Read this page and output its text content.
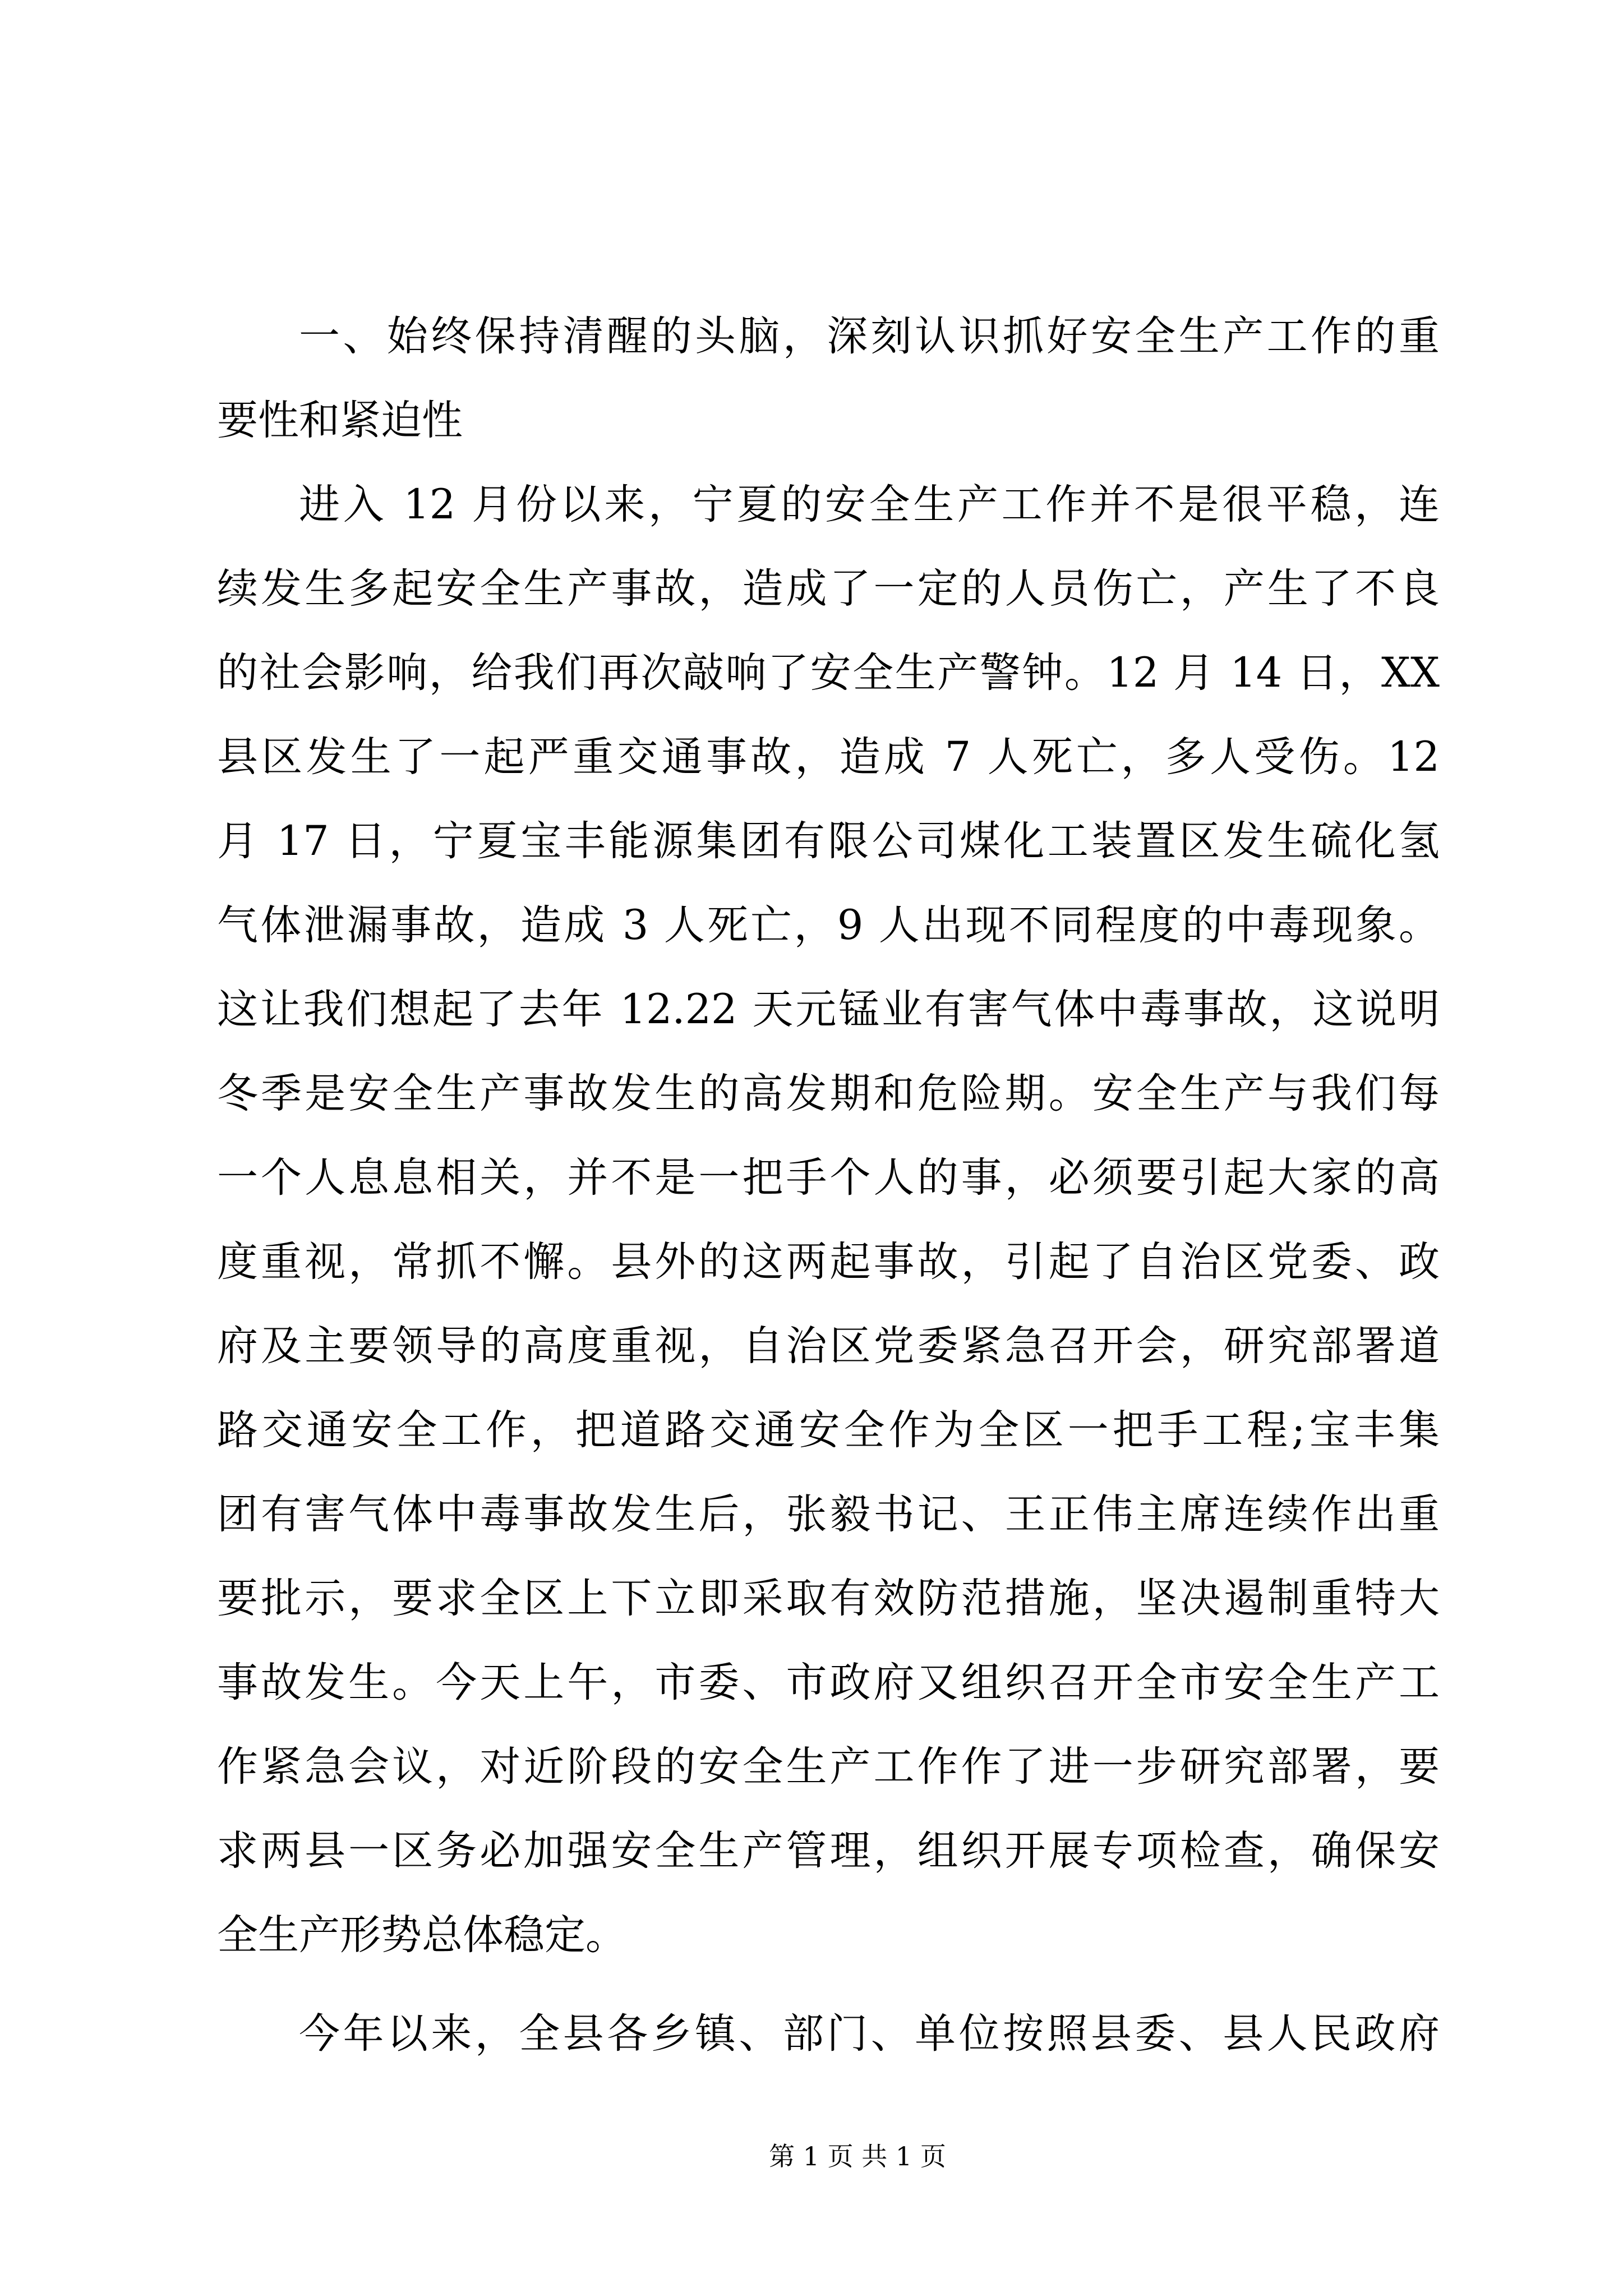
一、始终保持清醒的头脑，深刻认识抓好安全生产工作的重
要性和紧迫性
进入 12 月份以来，宁夏的安全生产工作并不是很平稳，连
续发生多起安全生产事故，造成了一定的人员伤亡，产生了不良
的社会影响，给我们再次敲响了安全生产警钟。12 月 14 日，XX
县区发生了一起严重交通事故，造成 7 人死亡，多人受伤。12
月 17 日，宁夏宝丰能源集团有限公司煤化工装置区发生硫化氢
气体泄漏事故，造成 3 人死亡，9 人出现不同程度的中毒现象。
这让我们想起了去年 12.22 天元锰业有害气体中毒事故，这说明
冬季是安全生产事故发生的高发期和危险期。安全生产与我们每
一个人息息相关，并不是一把手个人的事，必须要引起大家的高
度重视，常抓不懈。县外的这两起事故，引起了自治区党委、政
府及主要领导的高度重视，自治区党委紧急召开会，研究部署道
路交通安全工作，把道路交通安全作为全区一把手工程;宝丰集
团有害气体中毒事故发生后，张毅书记、王正伟主席连续作出重
要批示，要求全区上下立即采取有效防范措施，坚决遏制重特大
事故发生。今天上午，市委、市政府又组织召开全市安全生产工
作紧急会议，对近阶段的安全生产工作作了进一步研究部署，要
求两县一区务必加强安全生产管理，组织开展专项检查，确保安
全生产形势总体稳定。
今年以来，全县各乡镇、部门、单位按照县委、县人民政府
第 1 页 共 1 页
